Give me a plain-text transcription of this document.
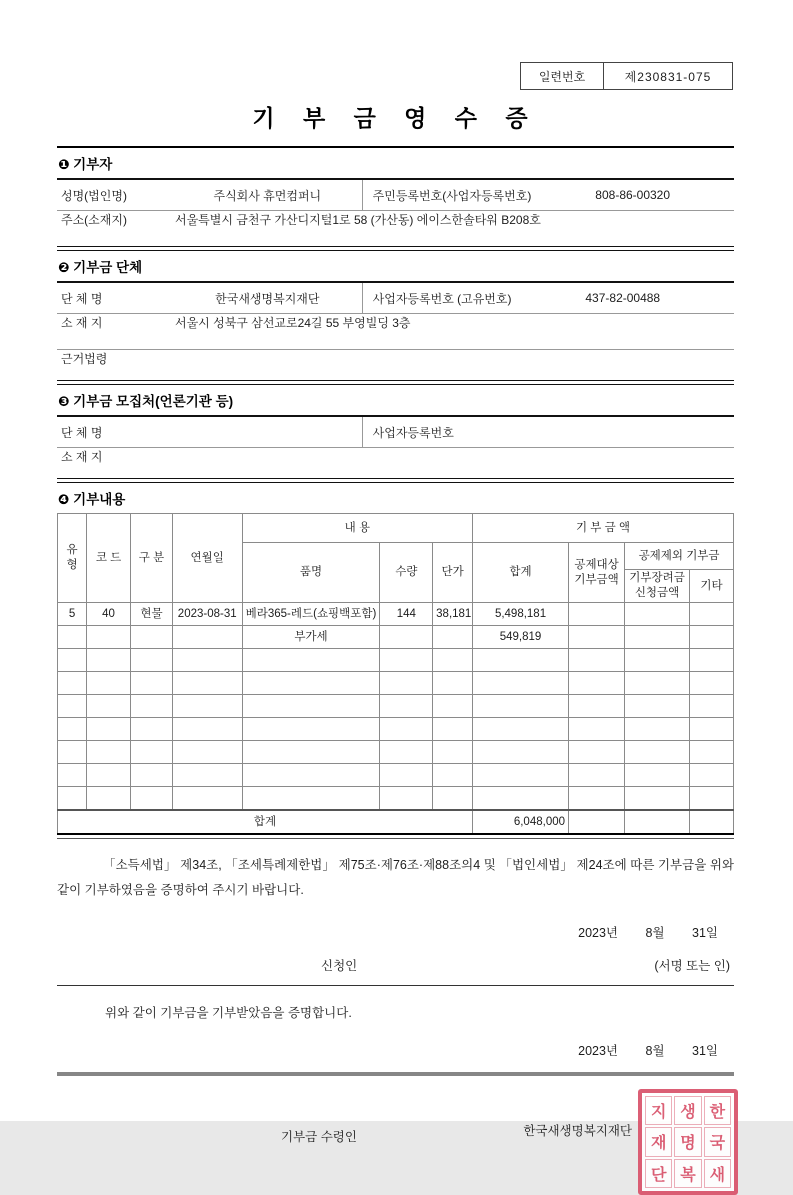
일련번호	제230831-075
기 부 금 영 수 증
❶ 기부자
성명(법인명)	주식회사 휴먼컴퍼니	주민등록번호(사업자등록번호)	808-86-00320
주소(소재지)	서울특별시 금천구 가산디지털1로 58 (가산동) 에이스한솔타워 B208호
❷ 기부금 단체
단 체 명	한국새생명복지재단	사업자등록번호 (고유번호)	437-82-00488
소 재 지	서울시 성북구 삼선교로24길 55 부영빌딩 3층
근거법령
❸ 기부금 모집처(언론기관 등)
단 체 명	사업자등록번호
소 재 지
❹ 기부내용
유 형	코 드	구 분	연월일	내 용			기 부 금 액			
				품명	수량	단가	합계	공제대상 기부금액	공제제외 기부금	
									기부장려금 신청금액	기타
5	40	현물	2023-08-31	베라365-레드(쇼핑백포함)	144	38,181	5,498,181			
				부가세			549,819			

합계							6,048,000			
「소득세법」 제34조, 「조세특례제한법」 제75조·제76조·제88조의4 및 「법인세법」 제24조에 따른 기부금을 위와 같이 기부하였음을 증명하여 주시기 바랍니다.
2023년 8월 31일
신청인	(서명 또는 인)
위와 같이 기부금을 기부받았음을 증명합니다.
2023년 8월 31일
기부금 수령인	한국새생명복지재단
한
국
새
생
명
복
지
재
단
